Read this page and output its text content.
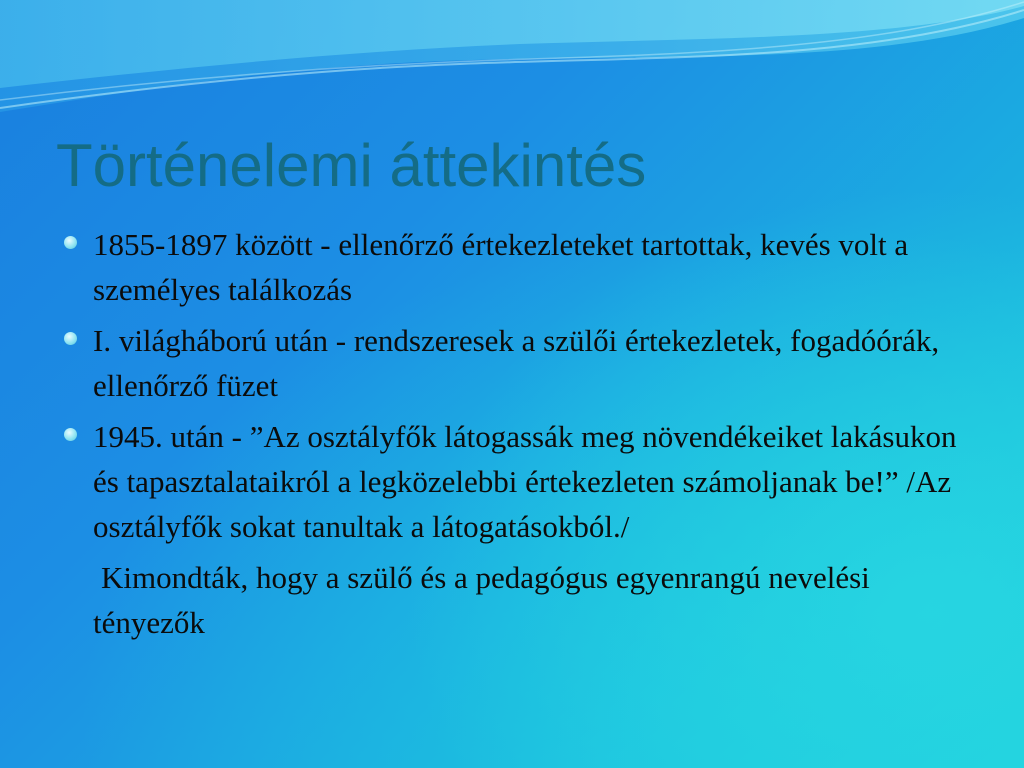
Történelemi áttekintés
1855-1897 között - ellenőrző értekezleteket tartottak, kevés volt a személyes találkozás
I. világháború után - rendszeresek a szülői értekezletek, fogadóórák, ellenőrző füzet
1945. után - ”Az osztályfők látogassák meg növendékeiket lakásukon és tapasztalataikról a legközelebbi értekezleten számoljanak be!” /Az osztályfők sokat tanultak a látogatásokból./
Kimondták, hogy a szülő és a pedagógus egyenrangú nevelési tényezők
